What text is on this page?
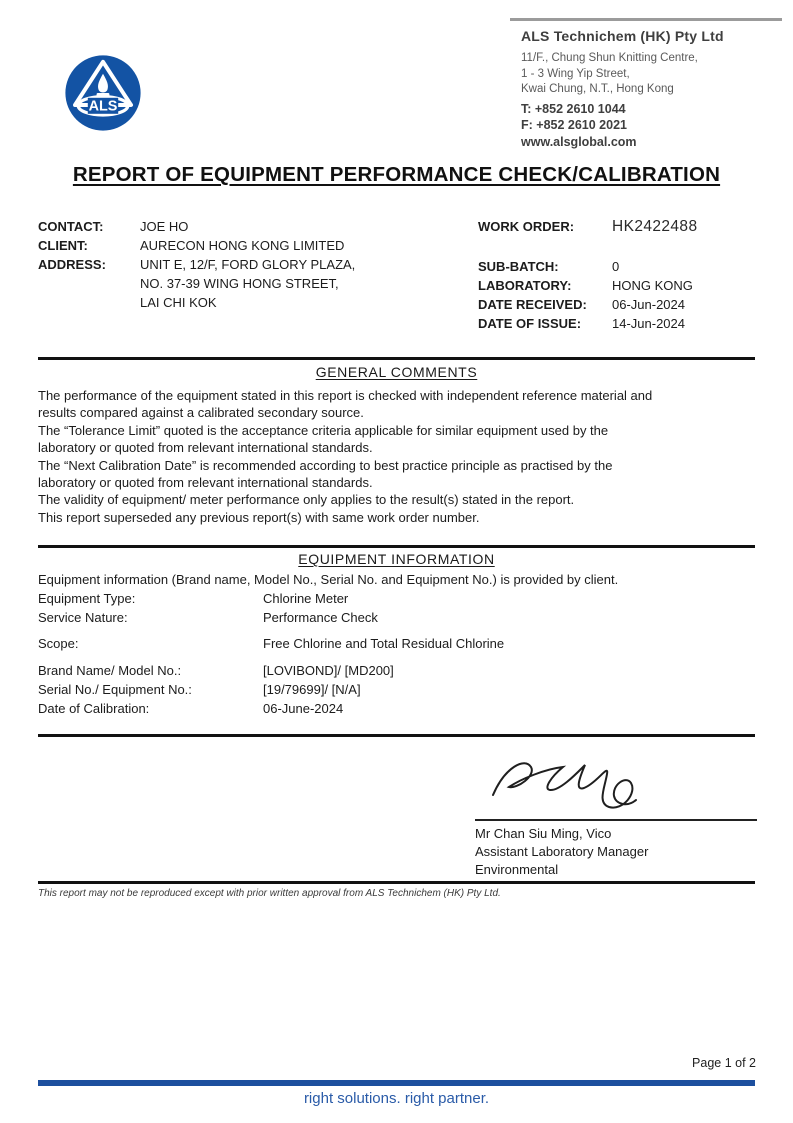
ALS
ALS Technichem (HK) Pty Ltd
11/F., Chung Shun Knitting Centre,
1 - 3 Wing Yip Street,
Kwai Chung, N.T., Hong Kong
T: +852 2610 1044
F: +852 2610 2021
www.alsglobal.com
REPORT OF EQUIPMENT PERFORMANCE CHECK/CALIBRATION
CONTACT:	JOE HO
CLIENT:	AURECON HONG KONG LIMITED
ADDRESS:	UNIT E, 12/F, FORD GLORY PLAZA,
NO. 37-39 WING HONG STREET,
LAI CHI KOK
WORK ORDER: HK2422488
SUB-BATCH:	0
LABORATORY:	HONG KONG
DATE RECEIVED: 06-Jun-2024
DATE OF ISSUE: 14-Jun-2024
GENERAL COMMENTS
The performance of the equipment stated in this report is checked with independent reference material and
results compared against a calibrated secondary source.
The “Tolerance Limit” quoted is the acceptance criteria applicable for similar equipment used by the
laboratory or quoted from relevant international standards.
The “Next Calibration Date” is recommended according to best practice principle as practised by the
laboratory or quoted from relevant international standards.
The validity of equipment/ meter performance only applies to the result(s) stated in the report.
This report superseded any previous report(s) with same work order number.
EQUIPMENT INFORMATION
Equipment information (Brand name, Model No., Serial No. and Equipment No.) is provided by client.
Equipment Type:	Chlorine Meter
Service Nature:	Performance Check
Scope:	Free Chlorine and Total Residual Chlorine
Brand Name/ Model No.:	[LOVIBOND]/ [MD200]
Serial No./ Equipment No.:	[19/79699]/ [N/A]
Date of Calibration:	06-June-2024
Mr Chan Siu Ming, Vico
Assistant Laboratory Manager
Environmental
This report may not be reproduced except with prior written approval from ALS Technichem (HK) Pty Ltd.
Page 1 of 2
right solutions. right partner.
